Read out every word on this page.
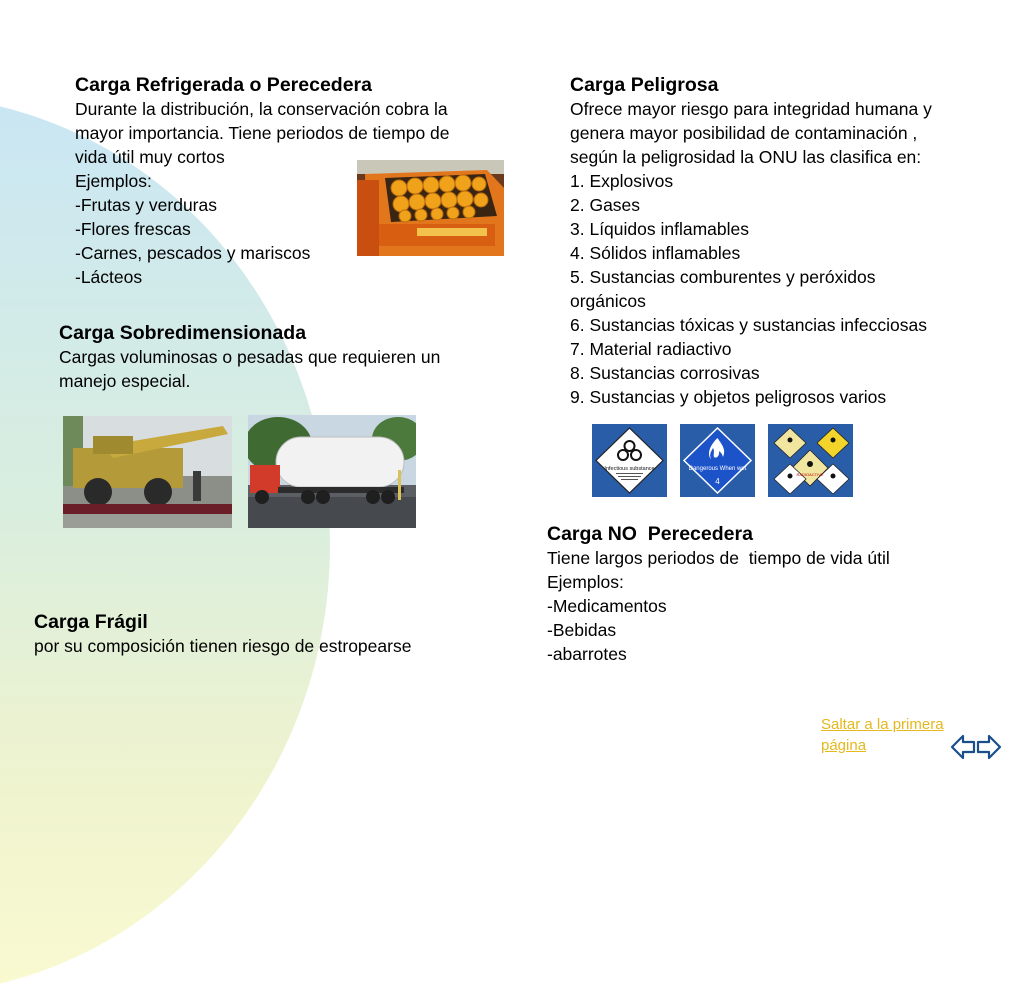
Carga Refrigerada o Perecedera
Durante la distribución, la conservación cobra la
mayor importancia. Tiene periodos de tiempo de
vida útil muy cortos
Ejemplos:
-Frutas y verduras
-Flores frescas
-Carnes, pescados y mariscos
-Lácteos
Carga Peligrosa
Ofrece mayor riesgo para integridad humana y
genera mayor posibilidad de contaminación ,
según la peligrosidad la ONU las clasifica en:
1. Explosivos
2. Gases
3. Líquidos inflamables
4. Sólidos inflamables
5. Sustancias comburentes y peróxidos
orgánicos
6. Sustancias tóxicas y sustancias infecciosas
7. Material radiactivo
8. Sustancias corrosivas
9. Sustancias y objetos peligrosos varios
Infectious substance	Dangerous When wet
4
RADIOACTIVE
Carga Sobredimensionada
Cargas voluminosas o pesadas que requieren un
manejo especial.
Carga NO  Perecedera
Tiene largos periodos de  tiempo de vida útil
Ejemplos:
-Medicamentos
-Bebidas
-abarrotes
Carga Frágil
por su composición tienen riesgo de estropearse
Saltar a la primera
página
